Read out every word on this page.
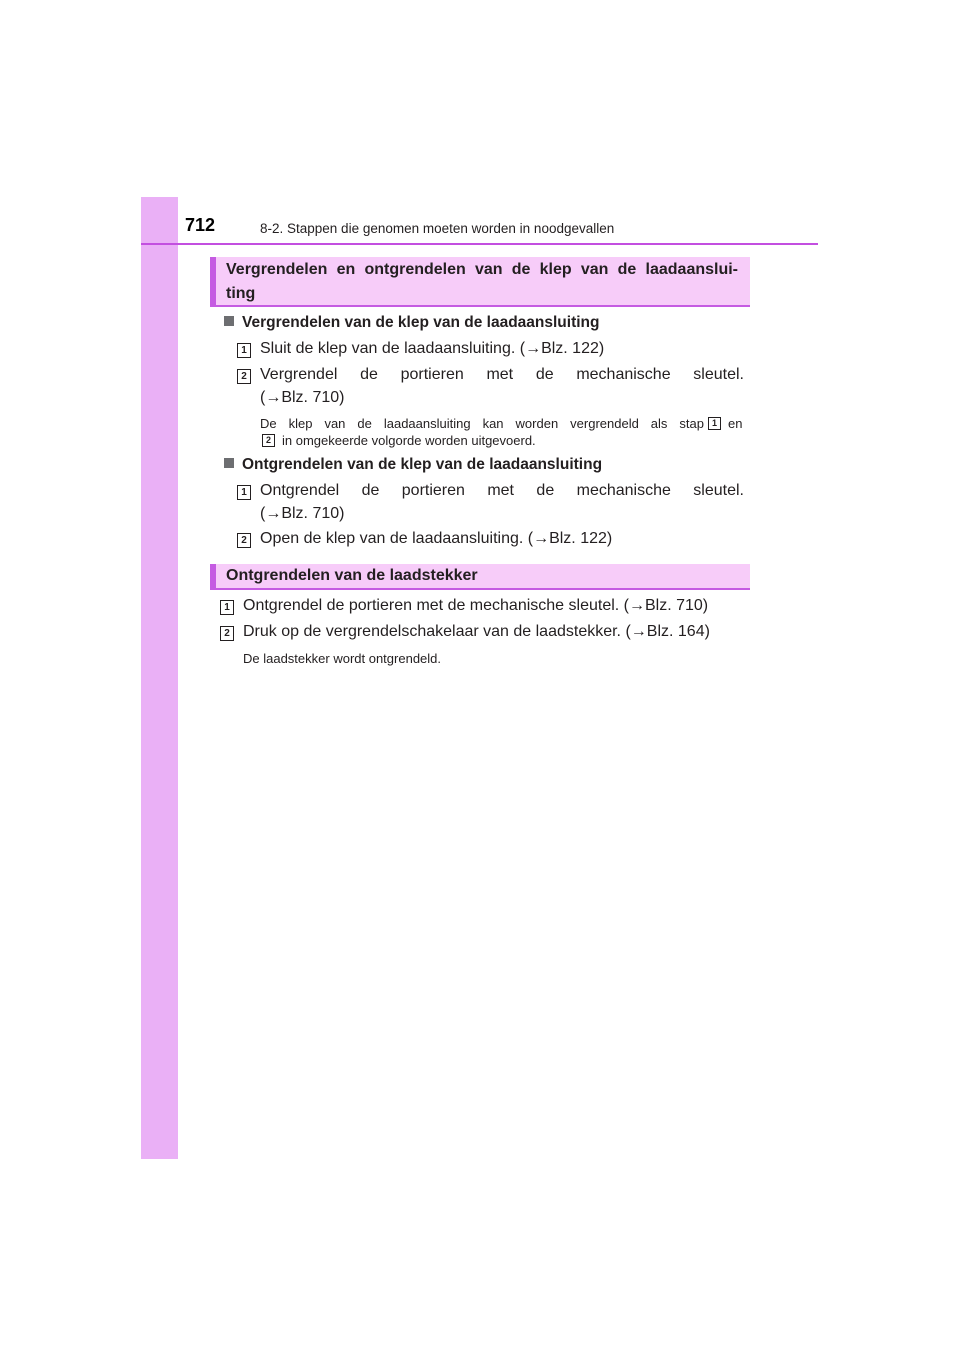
712	8-2. Stappen die genomen moeten worden in noodgevallen
Vergrendelen en ontgrendelen van de klep van de laadaanslui-
ting
Vergrendelen van de klep van de laadaansluiting
1 Sluit de klep van de laadaansluiting. (→Blz. 122)
2 Vergrendel de portieren met de mechanische sleutel.
(→Blz. 710)
De klep van de laadaansluiting kan worden vergrendeld als stap 1 en
2 in omgekeerde volgorde worden uitgevoerd.
Ontgrendelen van de klep van de laadaansluiting
1 Ontgrendel de portieren met de mechanische sleutel.
(→Blz. 710)
2 Open de klep van de laadaansluiting. (→Blz. 122)
Ontgrendelen van de laadstekker
1 Ontgrendel de portieren met de mechanische sleutel. (→Blz. 710)
2 Druk op de vergrendelschakelaar van de laadstekker. (→Blz. 164)
De laadstekker wordt ontgrendeld.
